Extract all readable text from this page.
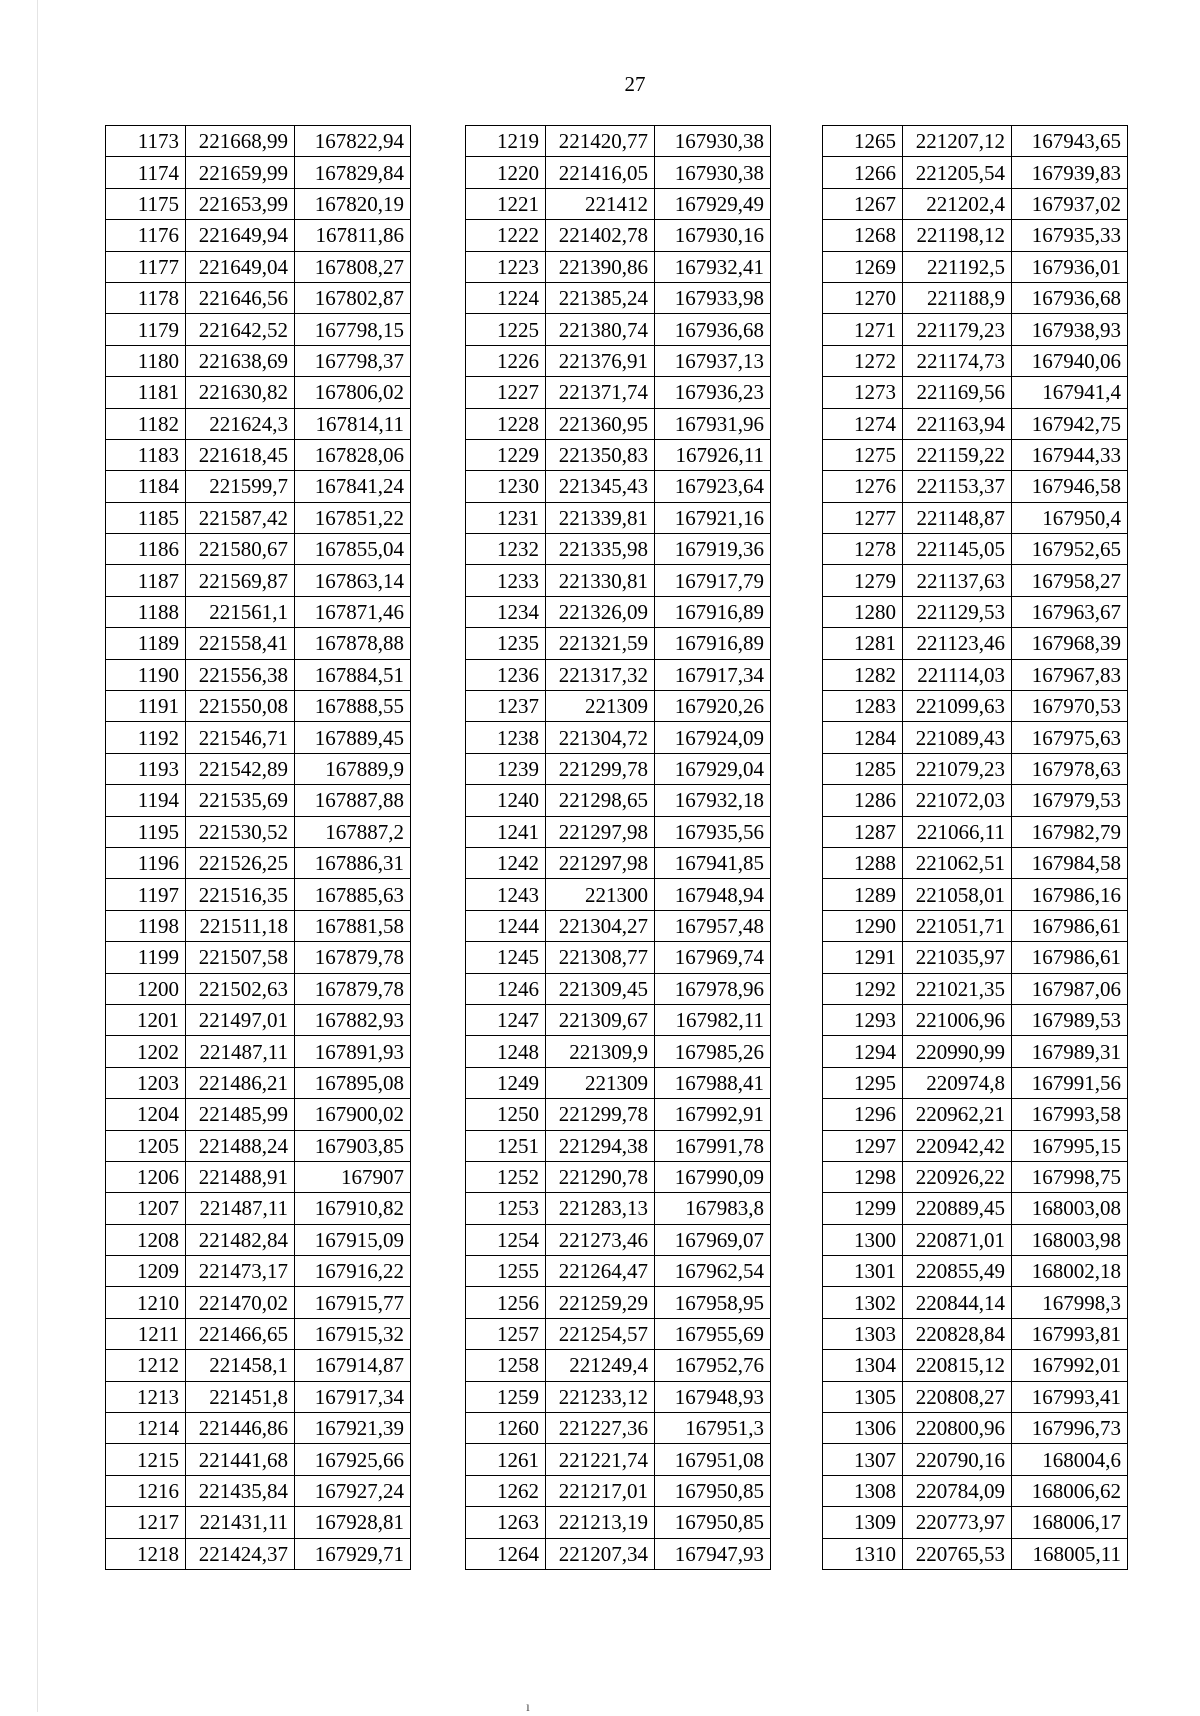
27
1173	221668,99	167822,94
1174	221659,99	167829,84
1175	221653,99	167820,19
1176	221649,94	167811,86
1177	221649,04	167808,27
1178	221646,56	167802,87
1179	221642,52	167798,15
1180	221638,69	167798,37
1181	221630,82	167806,02
1182	221624,3	167814,11
1183	221618,45	167828,06
1184	221599,7	167841,24
1185	221587,42	167851,22
1186	221580,67	167855,04
1187	221569,87	167863,14
1188	221561,1	167871,46
1189	221558,41	167878,88
1190	221556,38	167884,51
1191	221550,08	167888,55
1192	221546,71	167889,45
1193	221542,89	167889,9
1194	221535,69	167887,88
1195	221530,52	167887,2
1196	221526,25	167886,31
1197	221516,35	167885,63
1198	221511,18	167881,58
1199	221507,58	167879,78
1200	221502,63	167879,78
1201	221497,01	167882,93
1202	221487,11	167891,93
1203	221486,21	167895,08
1204	221485,99	167900,02
1205	221488,24	167903,85
1206	221488,91	167907
1207	221487,11	167910,82
1208	221482,84	167915,09
1209	221473,17	167916,22
1210	221470,02	167915,77
1211	221466,65	167915,32
1212	221458,1	167914,87
1213	221451,8	167917,34
1214	221446,86	167921,39
1215	221441,68	167925,66
1216	221435,84	167927,24
1217	221431,11	167928,81
1218	221424,37	167929,71
1219	221420,77	167930,38
1220	221416,05	167930,38
1221	221412	167929,49
1222	221402,78	167930,16
1223	221390,86	167932,41
1224	221385,24	167933,98
1225	221380,74	167936,68
1226	221376,91	167937,13
1227	221371,74	167936,23
1228	221360,95	167931,96
1229	221350,83	167926,11
1230	221345,43	167923,64
1231	221339,81	167921,16
1232	221335,98	167919,36
1233	221330,81	167917,79
1234	221326,09	167916,89
1235	221321,59	167916,89
1236	221317,32	167917,34
1237	221309	167920,26
1238	221304,72	167924,09
1239	221299,78	167929,04
1240	221298,65	167932,18
1241	221297,98	167935,56
1242	221297,98	167941,85
1243	221300	167948,94
1244	221304,27	167957,48
1245	221308,77	167969,74
1246	221309,45	167978,96
1247	221309,67	167982,11
1248	221309,9	167985,26
1249	221309	167988,41
1250	221299,78	167992,91
1251	221294,38	167991,78
1252	221290,78	167990,09
1253	221283,13	167983,8
1254	221273,46	167969,07
1255	221264,47	167962,54
1256	221259,29	167958,95
1257	221254,57	167955,69
1258	221249,4	167952,76
1259	221233,12	167948,93
1260	221227,36	167951,3
1261	221221,74	167951,08
1262	221217,01	167950,85
1263	221213,19	167950,85
1264	221207,34	167947,93
1265	221207,12	167943,65
1266	221205,54	167939,83
1267	221202,4	167937,02
1268	221198,12	167935,33
1269	221192,5	167936,01
1270	221188,9	167936,68
1271	221179,23	167938,93
1272	221174,73	167940,06
1273	221169,56	167941,4
1274	221163,94	167942,75
1275	221159,22	167944,33
1276	221153,37	167946,58
1277	221148,87	167950,4
1278	221145,05	167952,65
1279	221137,63	167958,27
1280	221129,53	167963,67
1281	221123,46	167968,39
1282	221114,03	167967,83
1283	221099,63	167970,53
1284	221089,43	167975,63
1285	221079,23	167978,63
1286	221072,03	167979,53
1287	221066,11	167982,79
1288	221062,51	167984,58
1289	221058,01	167986,16
1290	221051,71	167986,61
1291	221035,97	167986,61
1292	221021,35	167987,06
1293	221006,96	167989,53
1294	220990,99	167989,31
1295	220974,8	167991,56
1296	220962,21	167993,58
1297	220942,42	167995,15
1298	220926,22	167998,75
1299	220889,45	168003,08
1300	220871,01	168003,98
1301	220855,49	168002,18
1302	220844,14	167998,3
1303	220828,84	167993,81
1304	220815,12	167992,01
1305	220808,27	167993,41
1306	220800,96	167996,73
1307	220790,16	168004,6
1308	220784,09	168006,62
1309	220773,97	168006,17
1310	220765,53	168005,11
ı
